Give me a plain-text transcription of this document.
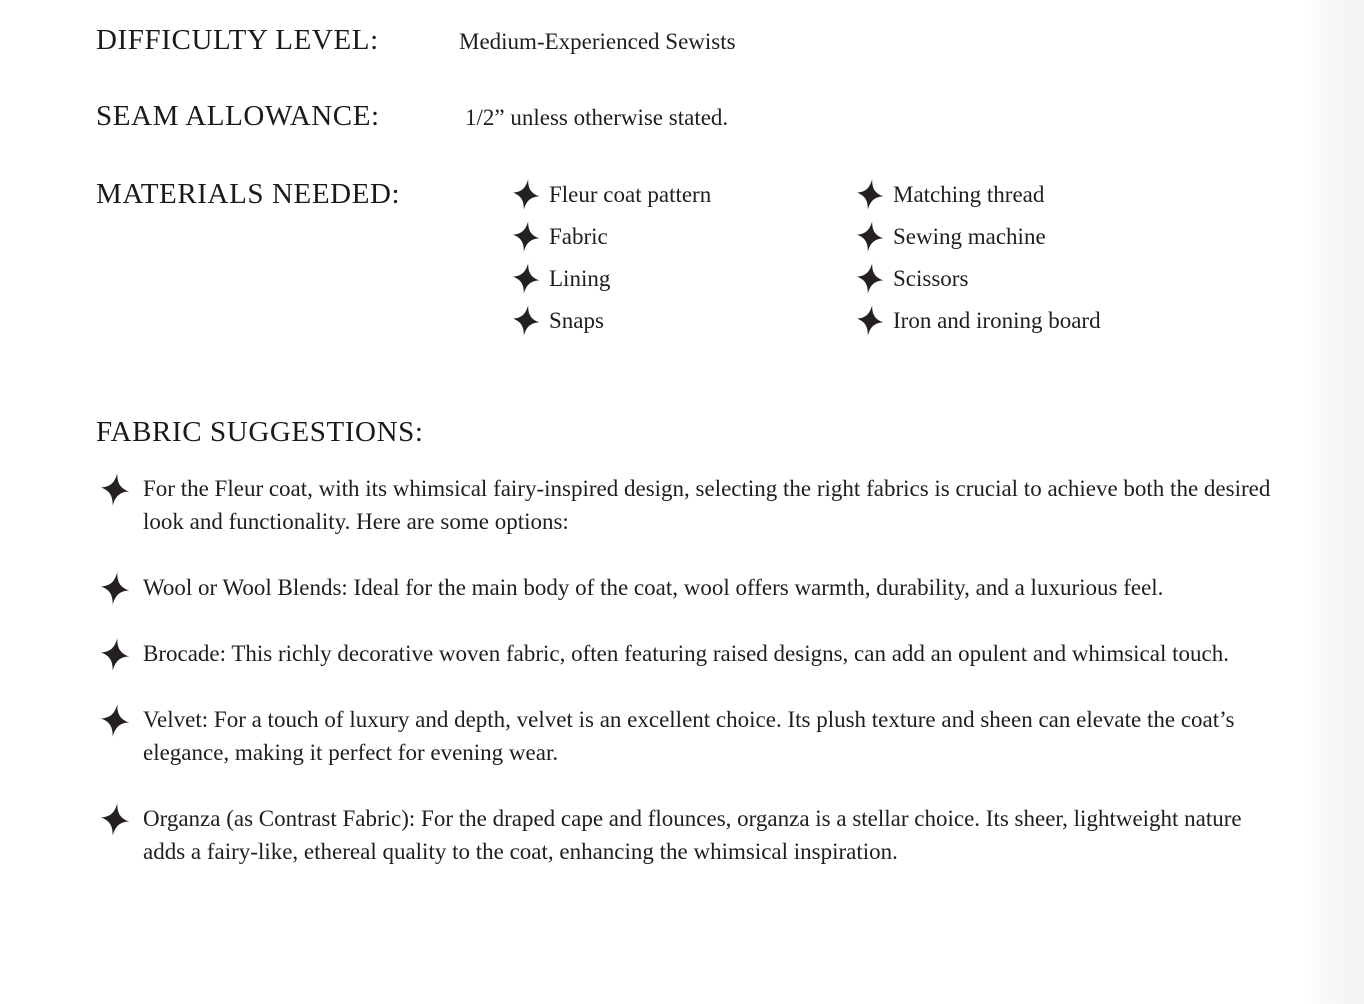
DIFFICULTY LEVEL:	Medium-Experienced Sewists
SEAM ALLOWANCE:	1/2” unless otherwise stated.
MATERIALS NEEDED:	Fleur coat pattern
Fabric
Lining
Snaps
Matching thread
Sewing machine
Scissors
Iron and ironing board
FABRIC SUGGESTIONS:
For the Fleur coat, with its whimsical fairy-inspired design, selecting the right fabrics is crucial to achieve both the desired look and functionality. Here are some options:
Wool or Wool Blends: Ideal for the main body of the coat, wool offers warmth, durability, and a luxurious feel.
Brocade: This richly decorative woven fabric, often featuring raised designs, can add an opulent and whimsical touch.
Velvet: For a touch of luxury and depth, velvet is an excellent choice. Its plush texture and sheen can elevate the coat’s elegance, making it perfect for evening wear.
Organza (as Contrast Fabric): For the draped cape and flounces, organza is a stellar choice. Its sheer, lightweight nature adds a fairy-like, ethereal quality to the coat, enhancing the whimsical inspiration.
